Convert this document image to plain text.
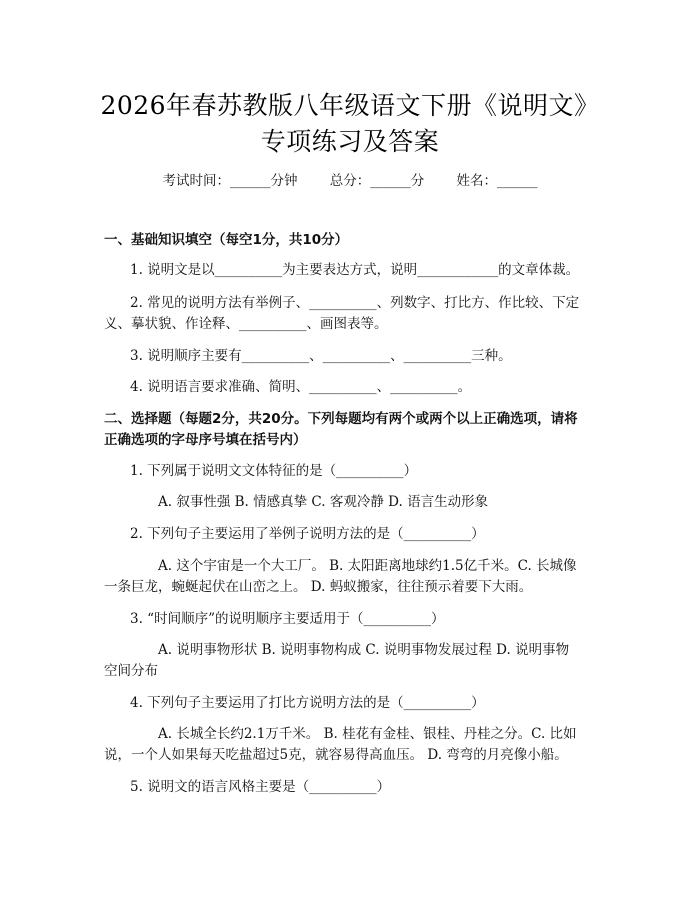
2026年春苏教版八年级语文下册《说明文》
专项练习及答案
考试时间：______分钟 总分：______分 姓名：______
一、基础知识填空（每空1分，共10分）
1. 说明文是以__________为主要表达方式，说明____________的文章体裁。
2. 常见的说明方法有举例子、__________、列数字、打比方、作比较、下定
义、摹状貌、作诠释、__________、画图表等。
3. 说明顺序主要有__________、__________、__________三种。
4. 说明语言要求准确、简明、__________、__________。
二、选择题（每题2分，共20分。下列每题均有两个或两个以上正确选项，请将
正确选项的字母序号填在括号内）
1. 下列属于说明文文体特征的是（__________）
A. 叙事性强 B. 情感真挚 C. 客观冷静 D. 语言生动形象
2. 下列句子主要运用了举例子说明方法的是（__________）
A. 这个宇宙是一个大工厂。 B. 太阳距离地球约1.5亿千米。C. 长城像
一条巨龙，蜿蜒起伏在山峦之上。 D. 蚂蚁搬家，往往预示着要下大雨。
3. “时间顺序”的说明顺序主要适用于（__________）
A. 说明事物形状 B. 说明事物构成 C. 说明事物发展过程 D. 说明事物
空间分布
4. 下列句子主要运用了打比方说明方法的是（__________）
A. 长城全长约2.1万千米。 B. 桂花有金桂、银桂、丹桂之分。C. 比如
说，一个人如果每天吃盐超过5克，就容易得高血压。 D. 弯弯的月亮像小船。
5. 说明文的语言风格主要是（__________）
